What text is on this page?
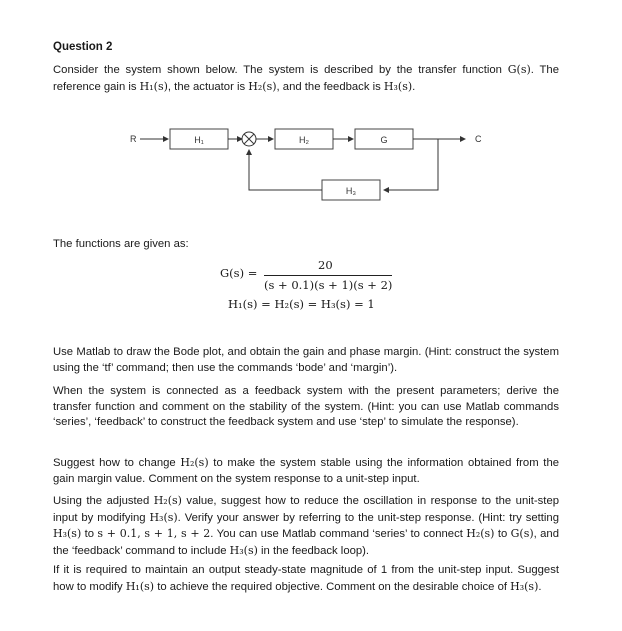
Question 2

Consider the system shown below. The system is described by the transfer function G(s). The reference gain is H₁(s), the actuator is H₂(s), and the feedback is H₃(s).

R	H₁	H₂	G	C
H₃

The functions are given as:

G(s) =
20
(s + 0.1)(s + 1)(s + 2)
H₁(s) = H₂(s) = H₃(s) = 1

Use Matlab to draw the Bode plot, and obtain the gain and phase margin. (Hint: construct the system using the ‘tf’ command; then use the commands ‘bode’ and ‘margin’).

When the system is connected as a feedback system with the present parameters; derive the transfer function and comment on the stability of the system. (Hint: you can use Matlab commands ‘series’, ‘feedback’ to construct the feedback system and use ‘step’ to simulate the response).

Suggest how to change H₂(s) to make the system stable using the information obtained from the gain margin value. Comment on the system response to a unit-step input.

Using the adjusted H₂(s) value, suggest how to reduce the oscillation in response to the unit-step input by modifying H₃(s). Verify your answer by referring to the unit-step response. (Hint: try setting H₃(s) to s + 0.1, s + 1, s + 2. You can use Matlab command ‘series’ to connect H₂(s) to G(s), and the ‘feedback’ command to include H₃(s) in the feedback loop).

If it is required to maintain an output steady-state magnitude of 1 from the unit-step input. Suggest how to modify H₁(s) to achieve the required objective. Comment on the desirable choice of H₃(s).
